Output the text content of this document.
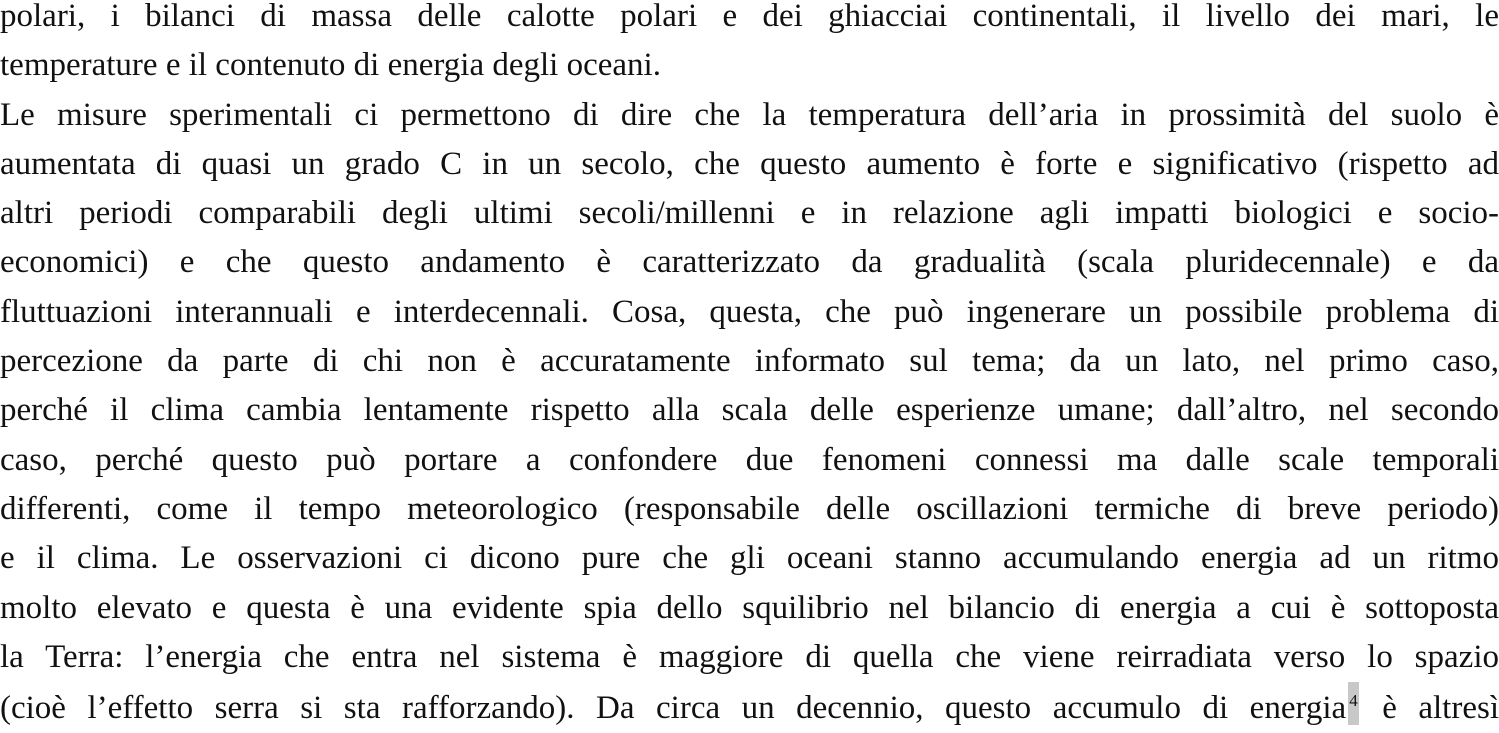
polari, i bilanci di massa delle calotte polari e dei ghiacciai continentali, il livello dei mari, le
temperature e il contenuto di energia degli oceani.
Le misure sperimentali ci permettono di dire che la temperatura dell’aria in prossimità del suolo è
aumentata di quasi un grado C in un secolo, che questo aumento è forte e significativo (rispetto ad
altri periodi comparabili degli ultimi secoli/millenni e in relazione agli impatti biologici e socio-
economici) e che questo andamento è caratterizzato da gradualità (scala pluridecennale) e da
fluttuazioni interannuali e interdecennali. Cosa, questa, che può ingenerare un possibile problema di
percezione da parte di chi non è accuratamente informato sul tema; da un lato, nel primo caso,
perché il clima cambia lentamente rispetto alla scala delle esperienze umane; dall’altro, nel secondo
caso, perché questo può portare a confondere due fenomeni connessi ma dalle scale temporali
differenti, come il tempo meteorologico (responsabile delle oscillazioni termiche di breve periodo)
e il clima. Le osservazioni ci dicono pure che gli oceani stanno accumulando energia ad un ritmo
molto elevato e questa è una evidente spia dello squilibrio nel bilancio di energia a cui è sottoposta
la Terra: l’energia che entra nel sistema è maggiore di quella che viene reirradiata verso lo spazio
(cioè l’effetto serra si sta rafforzando). Da circa un decennio, questo accumulo di energia 4 è altresì
